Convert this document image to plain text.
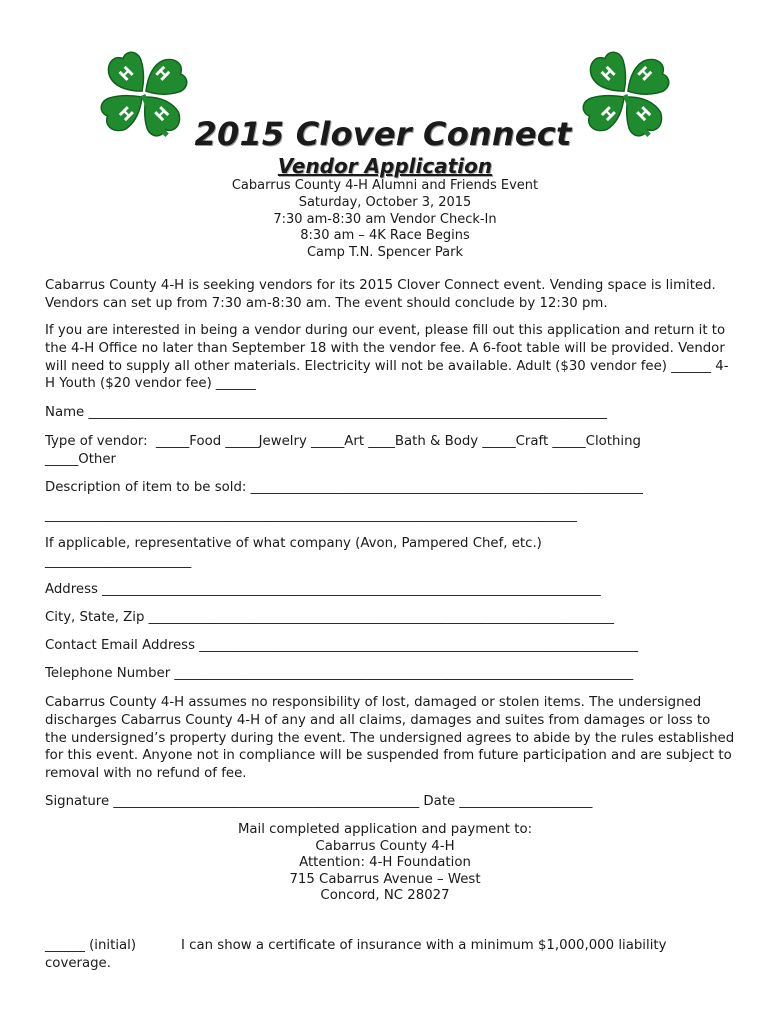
H H
H H
H H
H H
2015 Clover Connect
Vendor Application
Cabarrus County 4-H Alumni and Friends Event
Saturday, October 3, 2015
7:30 am-8:30 am Vendor Check-In
8:30 am – 4K Race Begins
Camp T.N. Spencer Park
Cabarrus County 4-H is seeking vendors for its 2015 Clover Connect event. Vending space is limited. Vendors can set up from 7:30 am-8:30 am. The event should conclude by 12:30 pm.
If you are interested in being a vendor during our event, please fill out this application and return it to the 4-H Office no later than September 18 with the vendor fee. A 6-foot table will be provided. Vendor will need to supply all other materials. Electricity will not be available. Adult ($30 vendor fee) ______ 4-H Youth ($20 vendor fee) ______
Name ______________________________________________________________________________
Type of vendor:  _____Food _____Jewelry _____Art ____Bath & Body _____Craft _____Clothing
_____Other
Description of item to be sold: ___________________________________________________________
________________________________________________________________________________
If applicable, representative of what company (Avon, Pampered Chef, etc.)
______________________
Address ___________________________________________________________________________
City, State, Zip ______________________________________________________________________
Contact Email Address __________________________________________________________________
Telephone Number _____________________________________________________________________
Cabarrus County 4-H assumes no responsibility of lost, damaged or stolen items. The undersigned discharges Cabarrus County 4-H of any and all claims, damages and suites from damages or loss to the undersigned’s property during the event. The undersigned agrees to abide by the rules established for this event. Anyone not in compliance will be suspended from future participation and are subject to removal with no refund of fee.
Signature ______________________________________________ Date ____________________
Mail completed application and payment to:
Cabarrus County 4-H
Attention: 4-H Foundation
715 Cabarrus Avenue – West
Concord, NC 28027
______ (initial)	I can show a certificate of insurance with a minimum $1,000,000 liability
coverage.
